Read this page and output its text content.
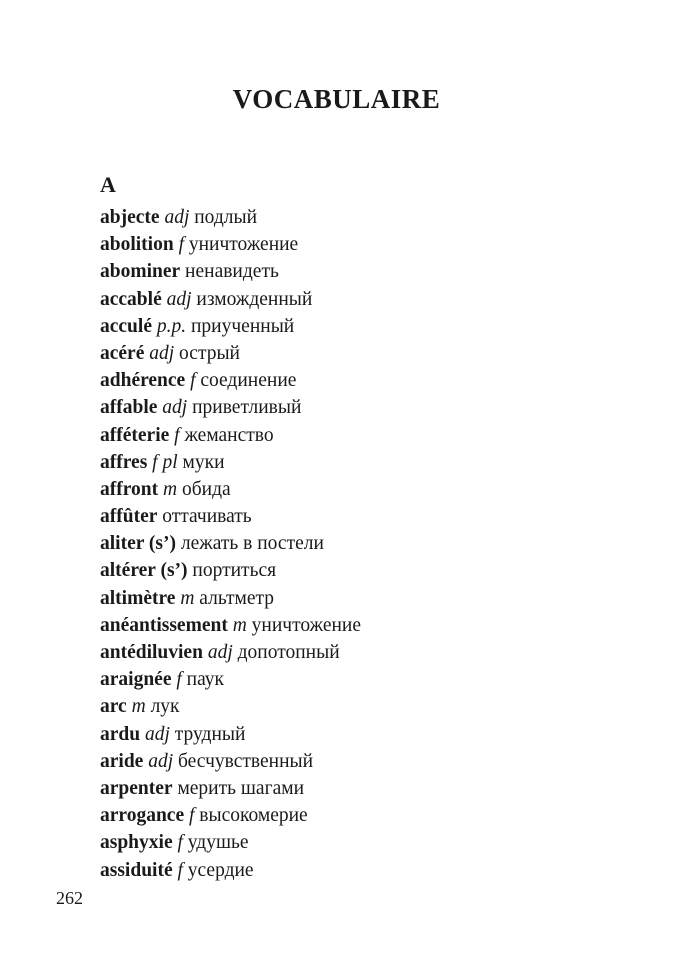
VOCABULAIRE
A
abjecte adj подлый
abolition f уничтожение
abominer ненавидеть
accablé adj изможденный
acculé p.p. приученный
acéré adj острый
adhérence f соединение
affable adj приветливый
afféterie f жеманство
affres f pl муки
affront m обида
affûter оттачивать
aliter (s’) лежать в постели
altérer (s’) портиться
altimètre m альтметр
anéantissement m уничтожение
antédiluvien adj допотопный
araignée f паук
arc m лук
ardu adj трудный
aride adj бесчувственный
arpenter мерить шагами
arrogance f высокомерие
asphyxie f удушье
assiduité f усердие
262
